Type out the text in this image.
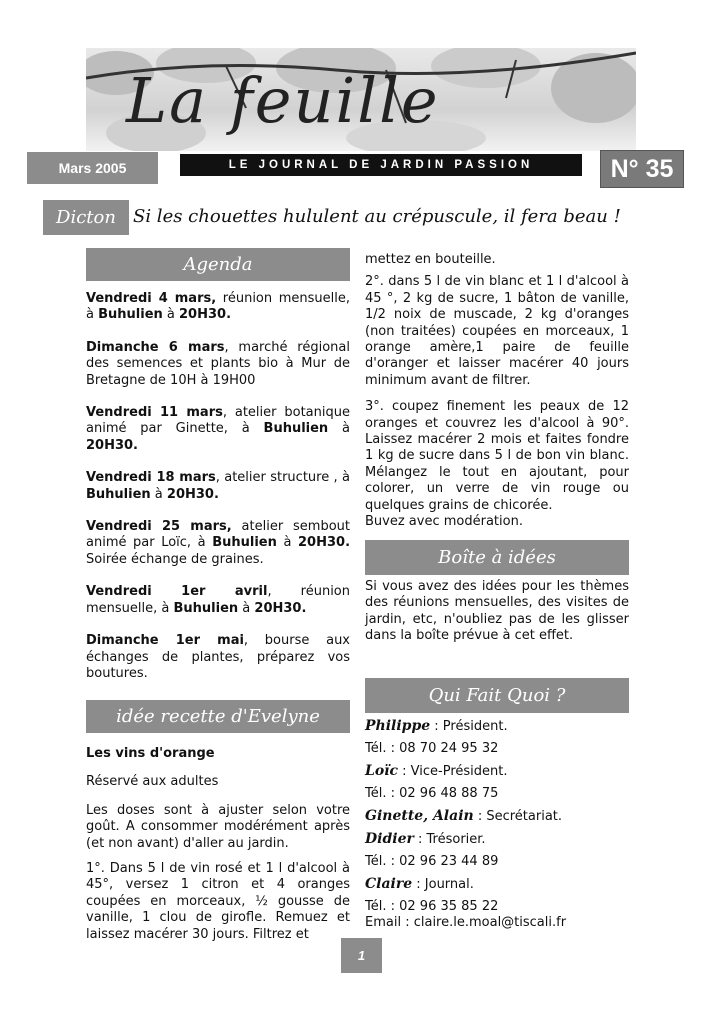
La feuille
Mars 2005	LE JOURNAL DE JARDIN PASSION	N° 35
Dicton Si les chouettes hululent au crépuscule, il fera beau !
Agenda

Vendredi 4 mars, réunion mensuelle, à Buhulien à 20H30.

Dimanche 6 mars, marché régional des semences et plants bio à Mur de Bretagne de 10H à 19H00

Vendredi 11 mars, atelier botanique animé par Ginette, à Buhulien à 20H30.

Vendredi 18 mars, atelier structure , à Buhulien à 20H30.

Vendredi 25 mars, atelier sembout animé par Loïc, à Buhulien à 20H30. Soirée échange de graines.

Vendredi 1er avril, réunion mensuelle, à Buhulien à 20H30.

Dimanche 1er mai, bourse aux échanges de plantes, préparez vos boutures.

idée recette d'Evelyne

Les vins d'orange

Réservé aux adultes

Les doses sont à ajuster selon votre goût. A consommer modérément après (et non avant) d'aller au jardin.

1°. Dans 5 l de vin rosé et 1 l d'alcool à 45°, versez 1 citron et 4 oranges coupées en morceaux, ½ gousse de vanille, 1 clou de girofle. Remuez et laissez macérer 30 jours. Filtrez et

mettez en bouteille.

2°. dans 5 l de vin blanc et 1 l d'alcool à 45 °, 2 kg de sucre, 1 bâton de vanille, 1/2 noix de muscade, 2 kg d'oranges (non traitées) coupées en morceaux, 1 orange amère,1 paire de feuille d'oranger et laisser macérer 40 jours minimum avant de filtrer.

3°. coupez finement les peaux de 12 oranges et couvrez les d'alcool à 90°. Laissez macérer 2 mois et faites fondre 1 kg de sucre dans 5 l de bon vin blanc. Mélangez le tout en ajoutant, pour colorer, un verre de vin rouge ou quelques grains de chicorée.

Buvez avec modération.

Boîte à idées
Si vous avez des idées pour les thèmes des réunions mensuelles, des visites de jardin, etc, n'oubliez pas de les glisser dans la boîte prévue à cet effet.
Qui Fait Quoi ?
Philippe : Président.
Tél. : 08 70 24 95 32
Loïc : Vice-Président.
Tél. : 02 96 48 88 75
Ginette, Alain : Secrétariat.
Didier : Trésorier.
Tél. : 02 96 23 44 89
Claire : Journal.
Tél. : 02 96 35 85 22
Email : claire.le.moal@tiscali.fr
1
